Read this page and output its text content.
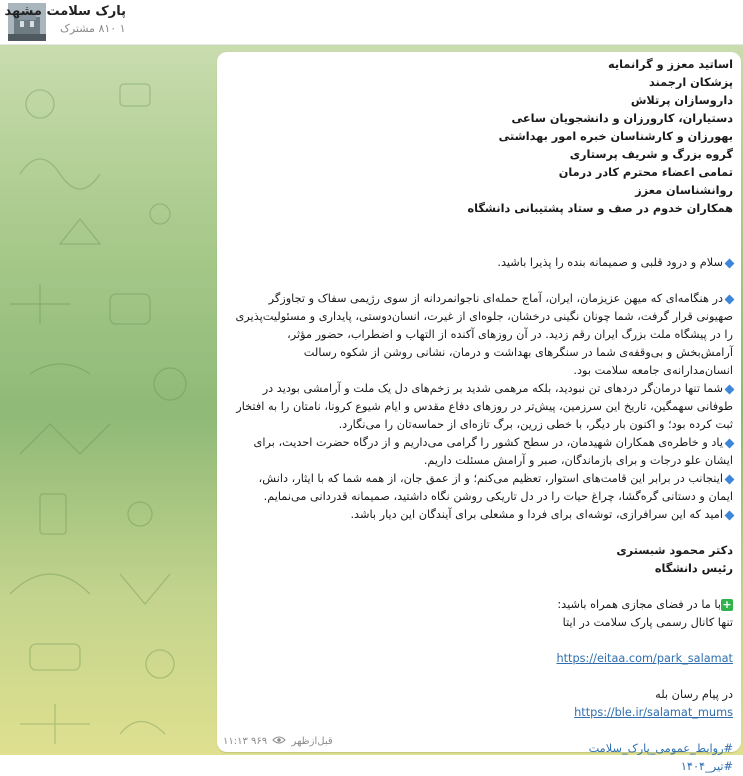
پارک سلامت مشهد
۱ ۸۱۰ مشترک
اساتید معزز و گرانمایه
پزشکان ارجمند
داروسازان پرتلاش
دستیاران، کارورزان و دانشجویان ساعی
بهورزان و کارشناسان خبره امور بهداشتی
گروه بزرگ و شریف پرستاری
تمامی اعضاء محترم کادر درمان
روانشناسان معزز
همکاران خدوم در صف و ستاد پشتیبانی دانشگاه
سلام و درود قلبی و صمیمانه بنده را پذیرا باشید.
در هنگامه‌ای که میهن عزیزمان، ایران، آماج حمله‌ای ناجوانمردانه از سوی رژیمی سفاک و تجاوزگر صهیونی قرار گرفت، شما چونان نگینی درخشان، جلوه‌ای از غیرت، انسان‌دوستی، پایداری و مسئولیت‌پذیری را در پیشگاه ملت بزرگ ایران رقم زدید. در آن روزهای آکنده از التهاب و اضطراب، حضور مؤثر، آرامش‌بخش و بی‌وقفه‌ی شما در سنگرهای بهداشت و درمان، نشانی روشن از شکوه رسالت انسان‌مدارانه‌ی جامعه سلامت بود.
شما تنها درمان‌گر دردهای تن نبودید، بلکه مرهمی شدید بر زخم‌های دل یک ملت و آرامشی بودید در طوفانی سهمگین، تاریخ این سرزمین، پیش‌تر در روزهای دفاع مقدس و ایام شیوع کرونا، نامتان را به افتخار ثبت کرده بود؛ و اکنون بار دیگر، با خطی زرین، برگ تازه‌ای از حماسه‌تان را می‌نگارد.
یاد و خاطره‌ی همکاران شهیدمان، در سطح کشور را گرامی می‌داریم و از درگاه حضرت احدیت، برای ایشان علو درجات و برای بازماندگان، صبر و آرامش مسئلت داریم.
اینجانب در برابر این قامت‌های استوار، تعظیم می‌کنم؛ و از عمق جان، از همه شما که با ایثار، دانش، ایمان و دستانی گره‌گشا، چراغ حیات را در دل تاریکی روشن نگاه داشتید، صمیمانه قدردانی می‌نمایم.
امید که این سرافرازی، توشه‌ای برای فردا و مشعلی برای آیندگان این دیار باشد.
دکتر محمود شبستری
رئیس دانشگاه
+با ما در فضای مجازی همراه باشید:
تنها کانال رسمی پارک سلامت در ایتا
https://eitaa.com/park_salamat
در پیام رسان بله
https://ble.ir/salamat_mums
#روابط_عمومی_پارک_سلامت
#تیر_۱۴۰۴
۱۱:۱۳ قبل‌ازظهر  ۹۶۹
